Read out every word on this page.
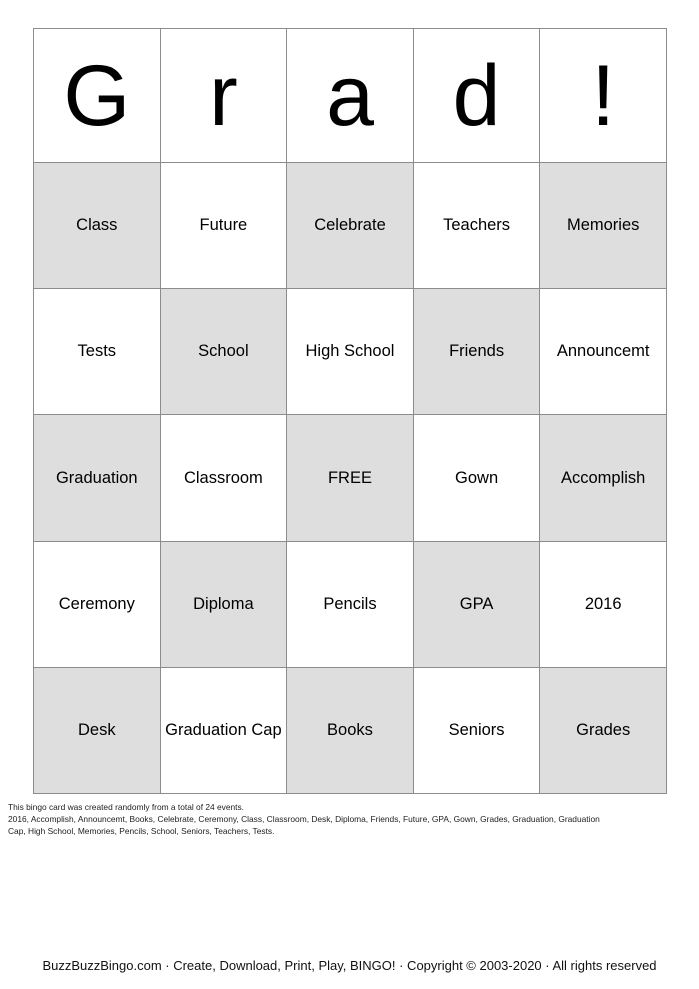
G	r	a	d	!

Class	Future	Celebrate	Teachers	Memories

Tests	School	High School	Friends	Announcemt

Graduation	Classroom	FREE	Gown	Accomplish

Ceremony	Diploma	Pencils	GPA	2016

Desk	Graduation Cap	Books	Seniors	Grades
This bingo card was created randomly from a total of 24 events.
2016, Accomplish, Announcemt, Books, Celebrate, Ceremony, Class, Classroom, Desk, Diploma, Friends, Future, GPA, Gown, Grades, Graduation, Graduation
Cap, High School, Memories, Pencils, School, Seniors, Teachers, Tests.
BuzzBuzzBingo.com · Create, Download, Print, Play, BINGO! · Copyright © 2003-2020 · All rights reserved
